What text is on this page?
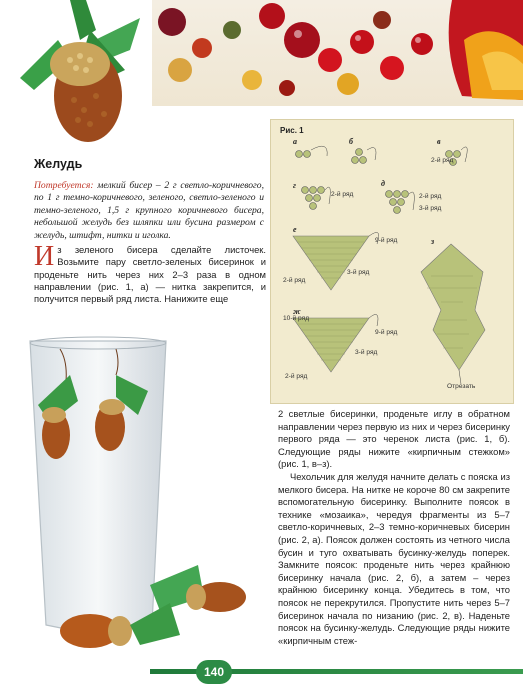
Желудь
Потребуется: мелкий бисер – 2 г светло-коричневого, по 1 г темно-коричневого, зеленого, светло-зеленого и темно-зеленого, 1,5 г крупного коричневого бисера, небольшой желудь без шляпки или бусина размером с желудь, штифт, нитки и иголка.
Из зеленого бисера сделайте листочек. Возьмите пару светло-зеленых бисеринок и проденьте нить через них 2–3 раза в одном направлении (рис. 1, а) — нитка закрепится, и получится первый ряд листа. Нанижите еще
Рис. 1
а	б	в
г	д
е
ж
з
2-й ряд
2-й ряд	2-й ряд
3-й ряд
9-й ряд
3-й ряд
2-й ряд
10-й ряд
9-й ряд
3-й ряд
2-й ряд
Отрезать

2 светлые бисеринки, проденьте иглу в обратном направлении через первую из них и через бисеринку первого ряда — это черенок листа (рис. 1, б). Следующие ряды нижите «кирпичным стежком» (рис. 1, в–з).

Чехольчик для желудя начните делать с пояска из мелкого бисера. На нитке не короче 80 см закрепите вспомогательную бисеринку. Выполните поясок в технике «мозаика», чередуя фрагменты из 5–7 светло-коричневых, 2–3 темно-коричневых бисерин (рис. 2, а). Поясок должен состоять из четного числа бусин и туго охватывать бусинку-желудь поперек. Замкните поясок: проденьте нить через крайнюю бисеринку начала (рис. 2, б), а затем – через крайнюю бисеринку конца. Убедитесь в том, что поясок не перекрутился. Пропустите нить через 5–7 бисеринок начала по низанию (рис. 2, в). Наденьте поясок на бусинку-желудь. Следующие ряды нижите «кирпичным стеж-

140
